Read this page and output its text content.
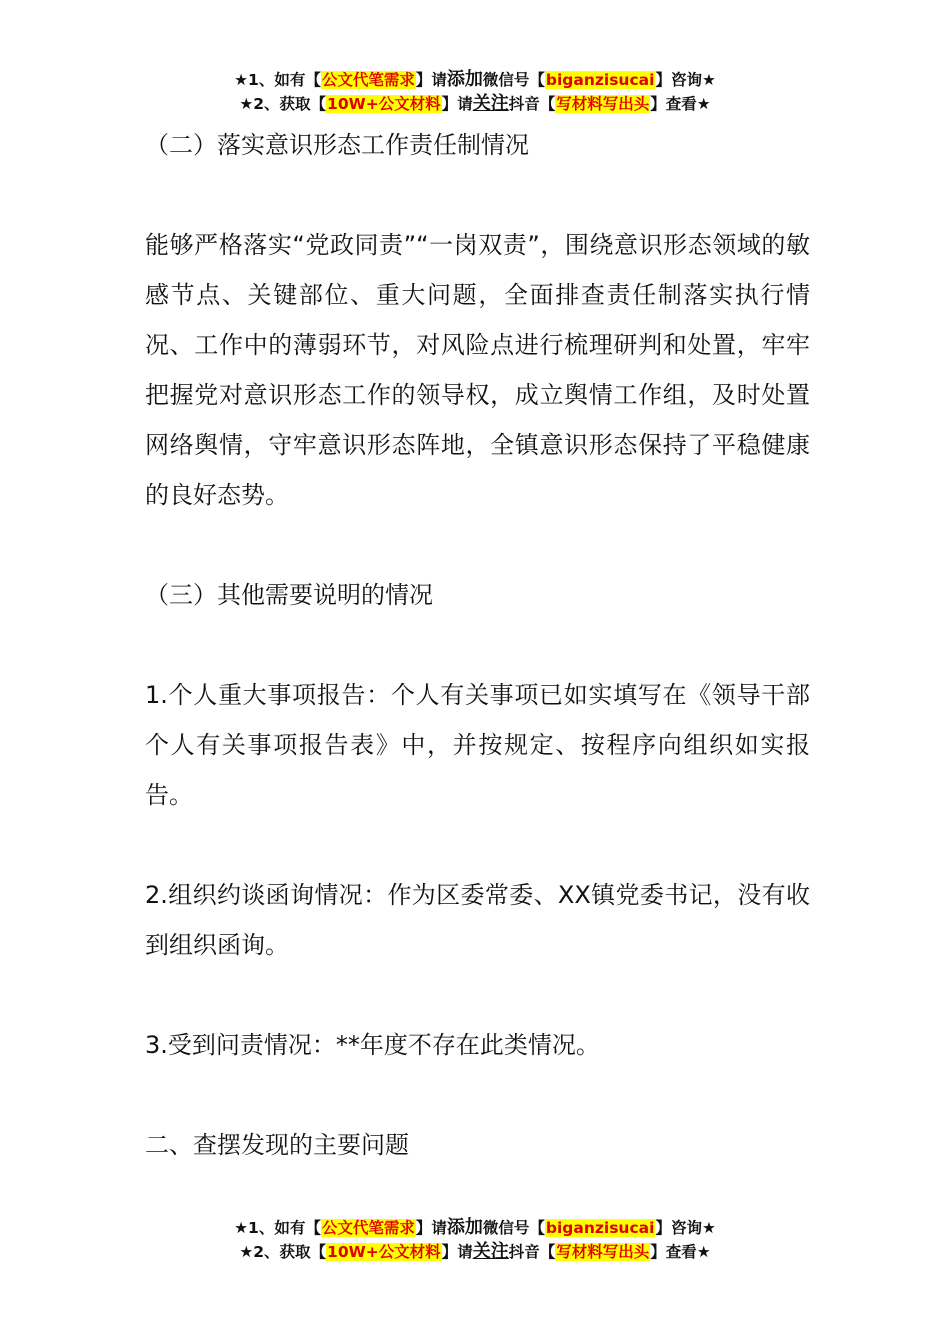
★1、如有【公文代笔需求】请添加微信号【biganzisucai】咨询★
★2、获取【10W+公文材料】请关注抖音【写材料写出头】查看★

（二）落实意识形态工作责任制情况

能够严格落实“党政同责”“一岗双责”，围绕意识形态领域的敏感节点、关键部位、重大问题，全面排查责任制落实执行情况、工作中的薄弱环节，对风险点进行梳理研判和处置，牢牢把握党对意识形态工作的领导权，成立舆情工作组，及时处置网络舆情，守牢意识形态阵地，全镇意识形态保持了平稳健康的良好态势。

（三）其他需要说明的情况

1.个人重大事项报告：个人有关事项已如实填写在《领导干部个人有关事项报告表》中，并按规定、按程序向组织如实报告。

2.组织约谈函询情况：作为区委常委、XX镇党委书记，没有收到组织函询。

3.受到问责情况：**年度不存在此类情况。

二、查摆发现的主要问题

★1、如有【公文代笔需求】请添加微信号【biganzisucai】咨询★
★2、获取【10W+公文材料】请关注抖音【写材料写出头】查看★
